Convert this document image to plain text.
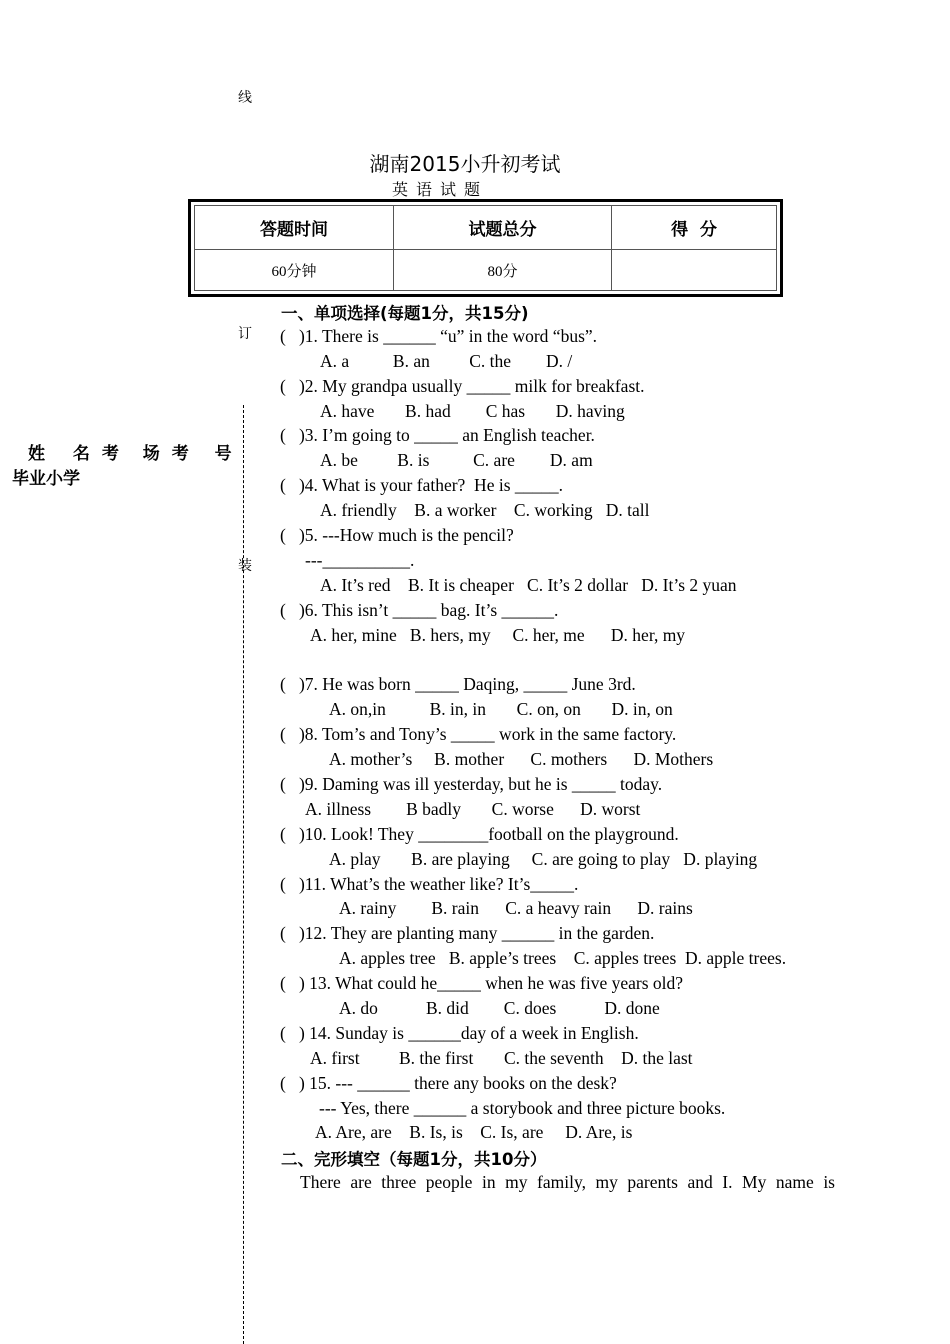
线
订
装
姓 名 考 场 考 号
毕业小学
湖南2015小升初考试
英语试题
答题时间	试题总分	得  分
60分钟	80分	
一、单项选择(每题1分，共15分)
(   )1. There is ______ “u” in the word “bus”.
A. a          B. an         C. the        D. /
(   )2. My grandpa usually _____ milk for breakfast.
A. have       B. had        C has       D. having
(   )3. I’m going to _____ an English teacher.
A. be         B. is          C. are        D. am
(   )4. What is your father?  He is _____.
A. friendly    B. a worker    C. working   D. tall
(   )5. ---How much is the pencil?
---__________.
A. It’s red    B. It is cheaper   C. It’s 2 dollar   D. It’s 2 yuan
(   )6. This isn’t _____ bag. It’s ______.
A. her, mine   B. hers, my     C. her, me      D. her, my
(   )7. He was born _____ Daqing, _____ June 3rd.
A. on,in          B. in, in       C. on, on       D. in, on
(   )8. Tom’s and Tony’s _____ work in the same factory.
A. mother’s     B. mother      C. mothers      D. Mothers
(   )9. Daming was ill yesterday, but he is _____ today.
A. illness        B badly       C. worse      D. worst
(   )10. Look! They ________football on the playground.
A. play       B. are playing     C. are going to play   D. playing
(   )11. What’s the weather like? It’s_____.
A. rainy        B. rain      C. a heavy rain      D. rains
(   )12. They are planting many ______ in the garden.
A. apples tree   B. apple’s trees    C. apples trees  D. apple trees.
(   ) 13. What could he_____ when he was five years old?
A. do           B. did        C. does           D. done
(   ) 14. Sunday is ______day of a week in English.
A. first         B. the first       C. the seventh    D. the last
(   ) 15. --- ______ there any books on the desk?
--- Yes, there ______ a storybook and three picture books.
A. Are, are    B. Is, is    C. Is, are     D. Are, is
二、完形填空（每题1分，共10分）
There are three people in my family, my parents and I. My name is
